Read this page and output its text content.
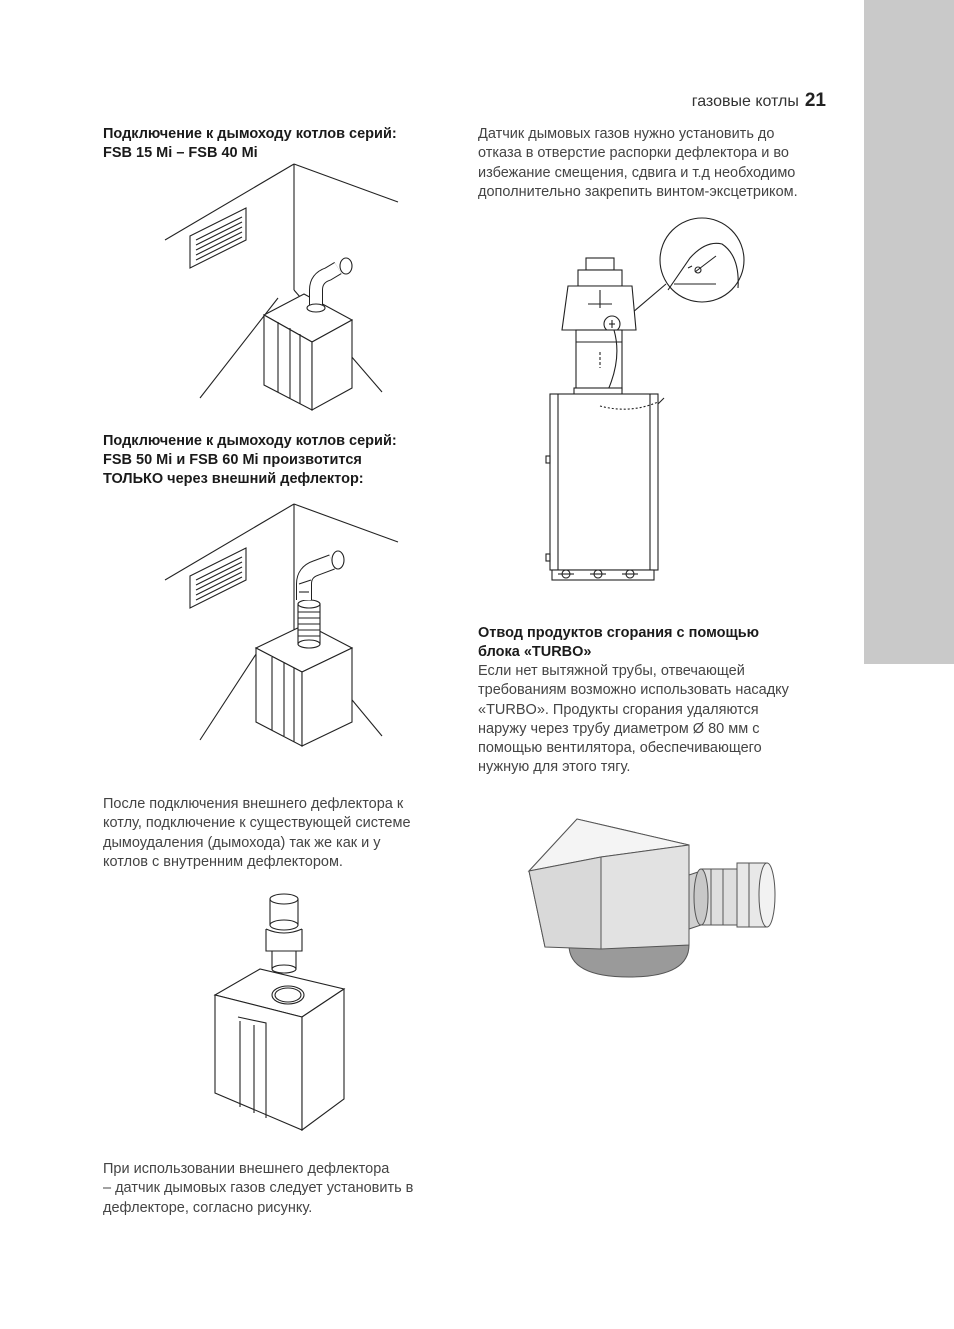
газовые котлы 21
Подключение к дымоходу котлов серий:
FSB 15 Mi – FSB 40 Mi
Подключение к дымоходу котлов серий:
FSB 50 Mi и FSB 60 Mi произвотится
ТОЛЬКО через внешний дефлектор:
После подключения внешнего дефлектора к
котлу, подключение к существующей системе
дымоудаления (дымохода) так же как и у
котлов с внутренним дефлектором.
При использовании внешнего дефлектора
– датчик дымовых газов следует установить в
дефлекторе, согласно рисунку.
Датчик дымовых газов нужно установить до
отказа в отверстие распорки дефлектора и во
избежание смещения, сдвига и т.д необходимо
дополнительно закрепить винтом-эксцетриком.
Отвод продуктов сгорания с помощью
блока «TURBO»
Если нет вытяжной трубы, отвечающей
требованиям возможно использовать насадку
«TURBO». Продукты сгорания удаляются
наружу через трубу диаметром Ø 80 мм с
помощью вентилятора, обеспечивающего
нужную для этого тягу.
